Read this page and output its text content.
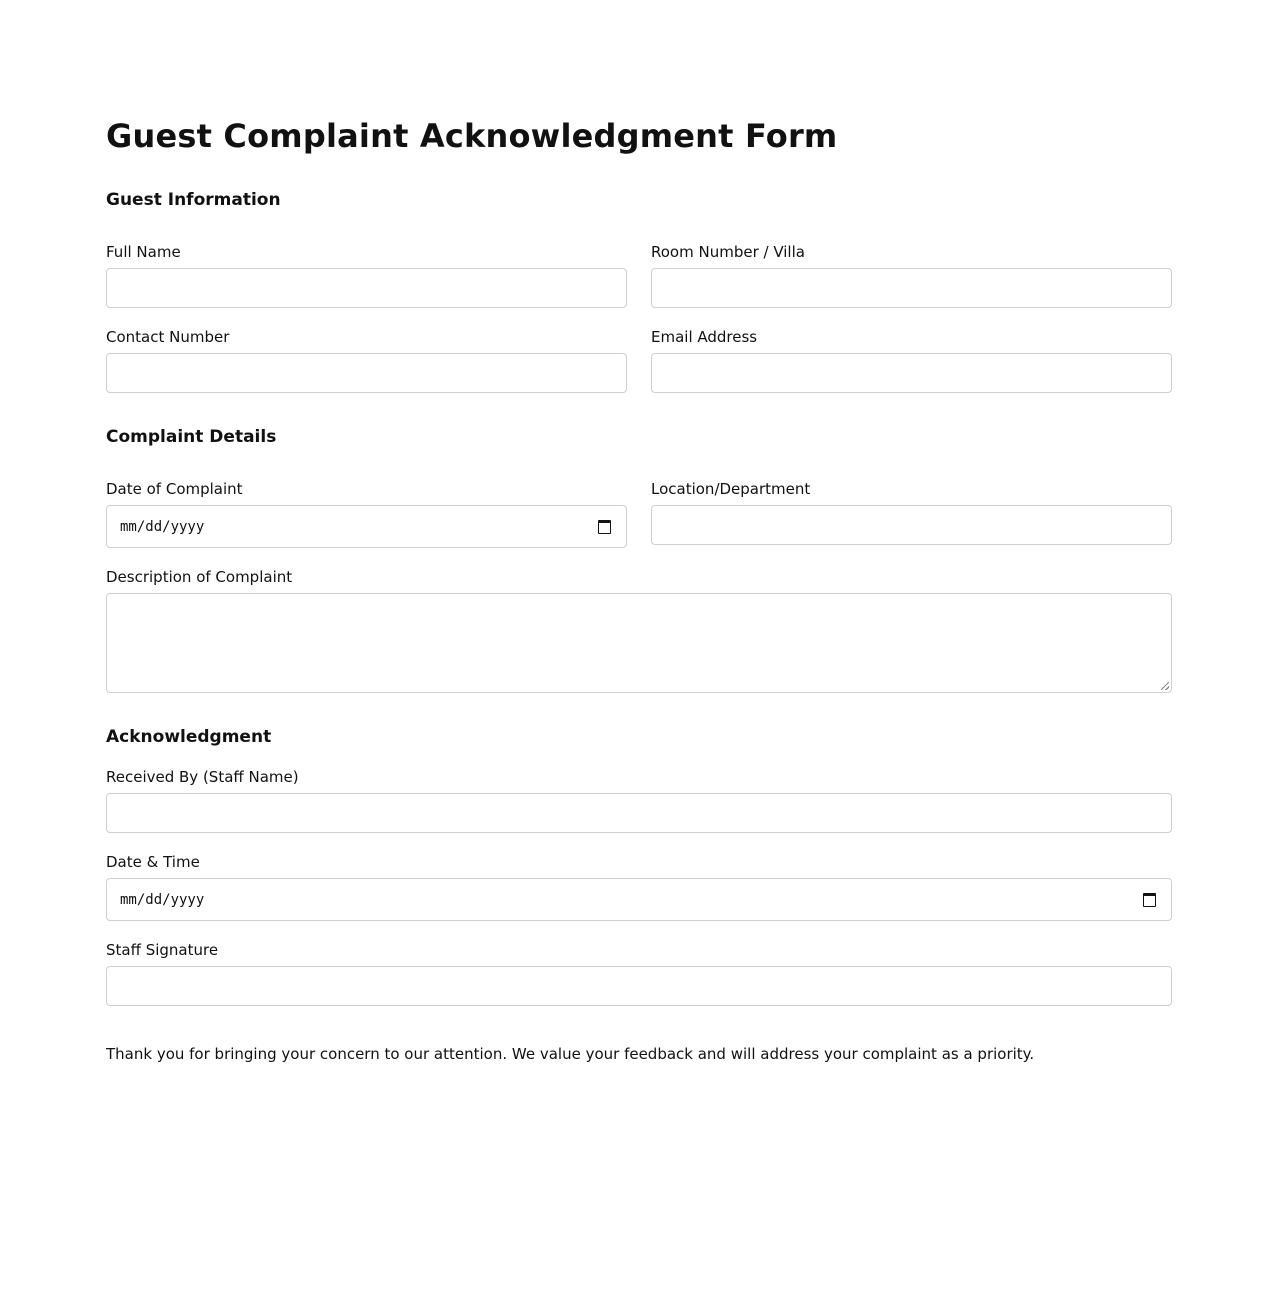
Guest Complaint Acknowledgment Form
Guest Information
Full Name	Room Number / Villa
Contact Number	Email Address
Complaint Details
Date of Complaint
mm/dd/yyyy
Location/Department
Description of Complaint
Acknowledgment
Received By (Staff Name)
Date & Time
mm/dd/yyyy
Staff Signature

Thank you for bringing your concern to our attention. We value your feedback and will address your complaint as a priority.
